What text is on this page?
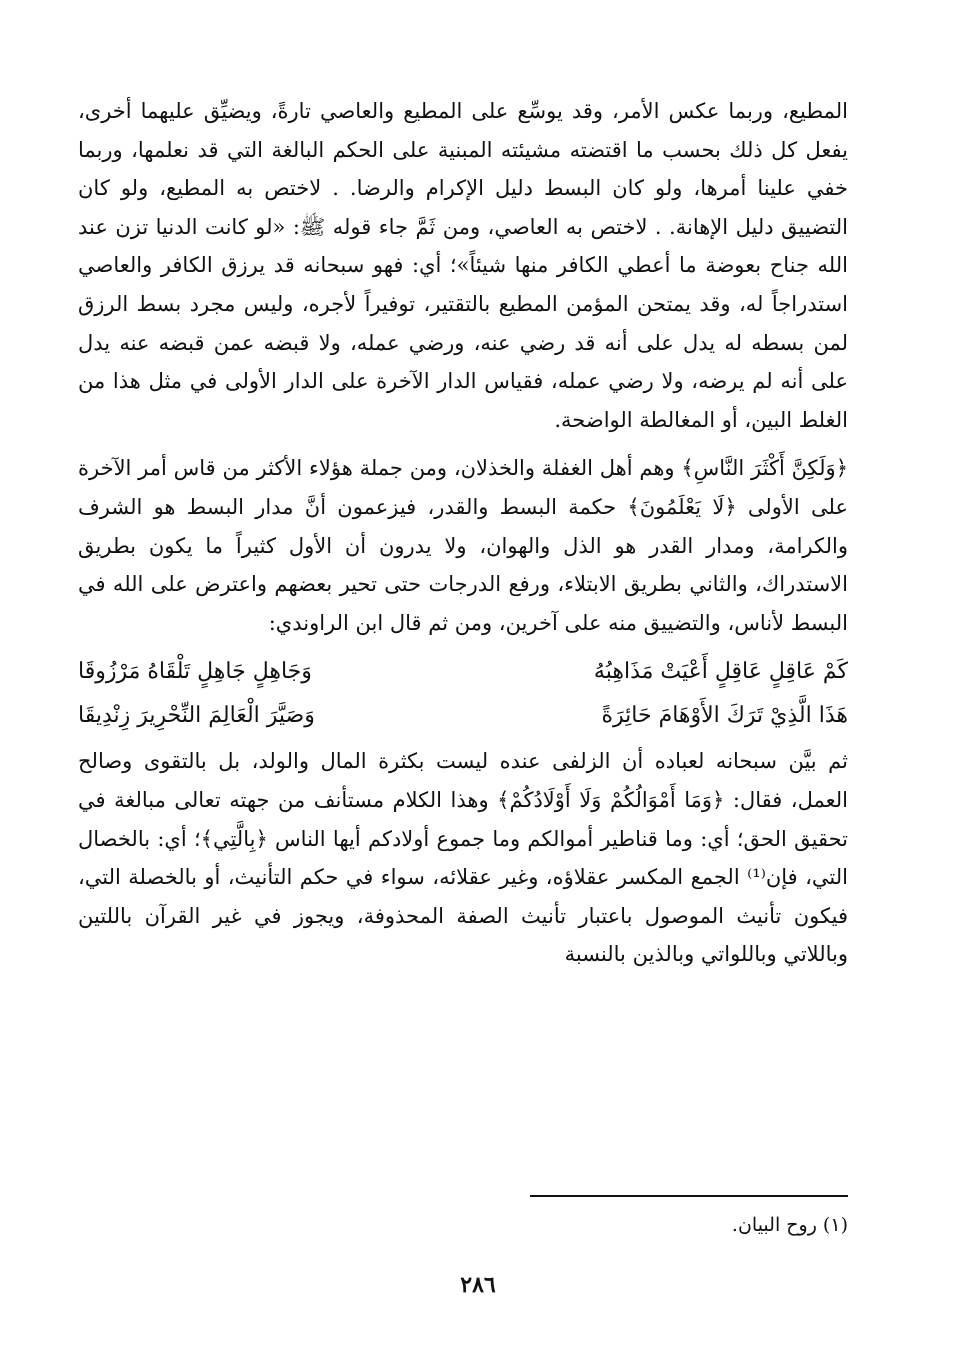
المطيع، وربما عكس الأمر، وقد يوسِّع على المطيع والعاصي تارةً، ويضيِّق عليهما أخرى، يفعل كل ذلك بحسب ما اقتضته مشيئته المبنية على الحكم البالغة التي قد نعلمها، وربما خفي علينا أمرها، ولو كان البسط دليل الإكرام والرضا. . لاختص به المطيع، ولو كان التضييق دليل الإهانة. . لاختص به العاصي، ومن ثَمَّ جاء قوله ﷺ: «لو كانت الدنيا تزن عند الله جناح بعوضة ما أعطي الكافر منها شيئاً»؛ أي: فهو سبحانه قد يرزق الكافر والعاصي استدراجاً له، وقد يمتحن المؤمن المطيع بالتقتير، توفيراً لأجره، وليس مجرد بسط الرزق لمن بسطه له يدل على أنه قد رضي عنه، ورضي عمله، ولا قبضه عمن قبضه عنه يدل على أنه لم يرضه، ولا رضي عمله، فقياس الدار الآخرة على الدار الأولى في مثل هذا من الغلط البين، أو المغالطة الواضحة.

﴿وَلَكِنَّ أَكْثَرَ النَّاسِ﴾ وهم أهل الغفلة والخذلان، ومن جملة هؤلاء الأكثر من قاس أمر الآخرة على الأولى ﴿لَا يَعْلَمُونَ﴾ حكمة البسط والقدر، فيزعمون أنَّ مدار البسط هو الشرف والكرامة، ومدار القدر هو الذل والهوان، ولا يدرون أن الأول كثيراً ما يكون بطريق الاستدراك، والثاني بطريق الابتلاء، ورفع الدرجات حتى تحير بعضهم واعترض على الله في البسط لأناس، والتضييق منه على آخرين، ومن ثم قال ابن الراوندي:

كَمْ عَاقِلٍ عَاقِلٍ أَعْيَتْ مَذَاهِبُهُ
وَجَاهِلٍ جَاهِلٍ تَلْقَاهُ مَرْزُوقَا
هَذَا الَّذِيْ تَرَكَ الأَوْهَامَ حَائِرَةً
وَصَيَّرَ الْعَالِمَ النِّحْرِيرَ زِنْدِيقَا

ثم بيَّن سبحانه لعباده أن الزلفى عنده ليست بكثرة المال والولد، بل بالتقوى وصالح العمل، فقال: ﴿وَمَا أَمْوَالُكُمْ وَلَا أَوْلَادُكُمْ﴾ وهذا الكلام مستأنف من جهته تعالى مبالغة في تحقيق الحق؛ أي: وما قناطير أموالكم وما جموع أولادكم أيها الناس ﴿بِالَّتِي﴾؛ أي: بالخصال التي، فإن⁽¹⁾ الجمع المكسر عقلاؤه، وغير عقلائه، سواء في حكم التأنيث، أو بالخصلة التي، فيكون تأنيث الموصول باعتبار تأنيث الصفة المحذوفة، ويجوز في غير القرآن باللتين وباللاتي وباللواتي وبالذين بالنسبة

(١) روح البيان.
٢٨٦
